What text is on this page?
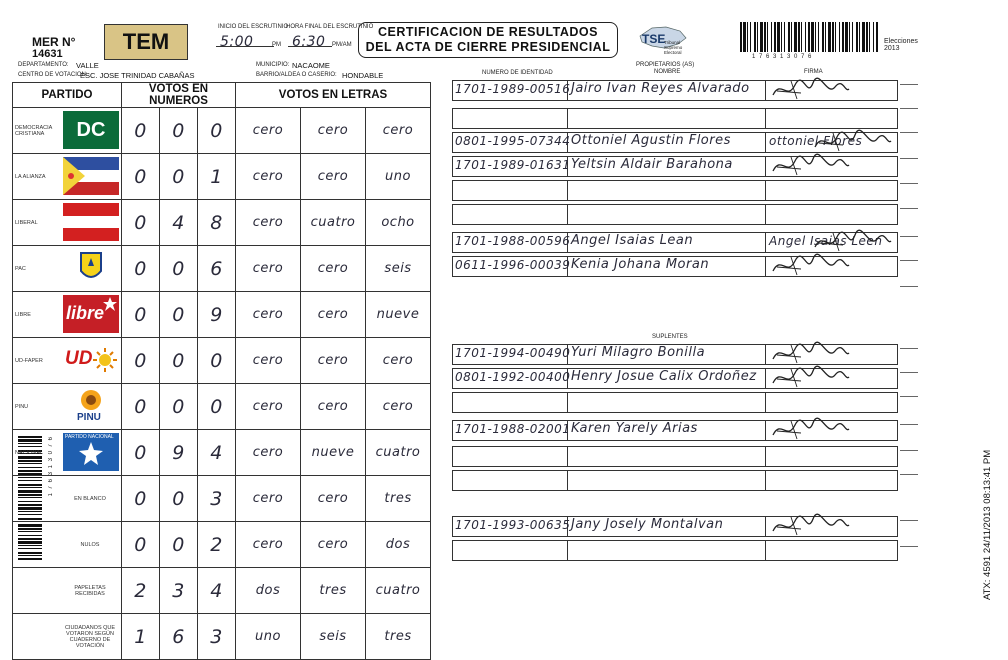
MER N°
14631	TEM
INICIO DEL ESCRUTINIO
HORA FINAL DEL ESCRUTINIO
5:00	PM 6:30 PM/AM
CERTIFICACION DE RESULTADOS
DEL ACTA DE CIERRE PRESIDENCIAL
TSE
Tribunal Supremo Electoral
1 7 6 3 1 3 0 7 6
Elecciones 2013
DEPARTAMENTO: VALLE
CENTRO DE VOTACION:
ESC. JOSE TRINIDAD CABAÑAS
MUNICIPIO: NACAOME
BARRIO/ALDEA O CASERIO: HONDABLE	NUMERO DE IDENTIDAD
PROPIETARIOS (AS)
NOMBRE	FIRMA
1 7 6 3 1 3 0 7 6
PARTIDO	VOTOS EN NUMEROS			VOTOS EN LETRAS		

DEMOCRACIA CRISTIANA DC	0	0	0	cero	cero	cero

LA ALIANZA	0	0	1	cero	cero	uno

LIBERAL	0	4	8	cero	cuatro	ocho

PAC	0	0	6	cero	cero	seis

LIBRE libre	0	0	9	cero	cero	nueve

UD-FAPER UD	0	0	0	cero	cero	cero

PINU
PINU	0	0	0	cero	cero	cero

NACIONAL
PARTIDO NACIONAL	0	9	4	cero	nueve	cuatro

EN BLANCO	0	0	3	cero	cero	tres

NULOS	0	0	2	cero	cero	dos

PAPELETAS RECIBIDAS	2	3	4	dos	tres	cuatro

CIUDADANOS QUE VOTARON SEGÚN CUADERNO DE VOTACIÓN	1	6	3	uno	seis	tres
1701-1989-00516 Jairo Ivan Reyes Alvarado
0801-1995-07344 Ottoniel Agustin Flores	ottoniel Flores
1701-1989-01631 Yeltsin Aldair Barahona
1701-1988-00596 Angel Isaias Lean	Angel Isaias Leen
0611-1996-00039 Kenia Johana Moran
1701-1994-00490 Yuri Milagro Bonilla
0801-1992-00400 Henry Josue Calix Ordoñez
1701-1988-02001 Karen Yarely Arias
1701-1993-00635 Jany Josely Montalvan
SUPLENTES
ATX: 4591 24/11/2013 08:13:41 PM
